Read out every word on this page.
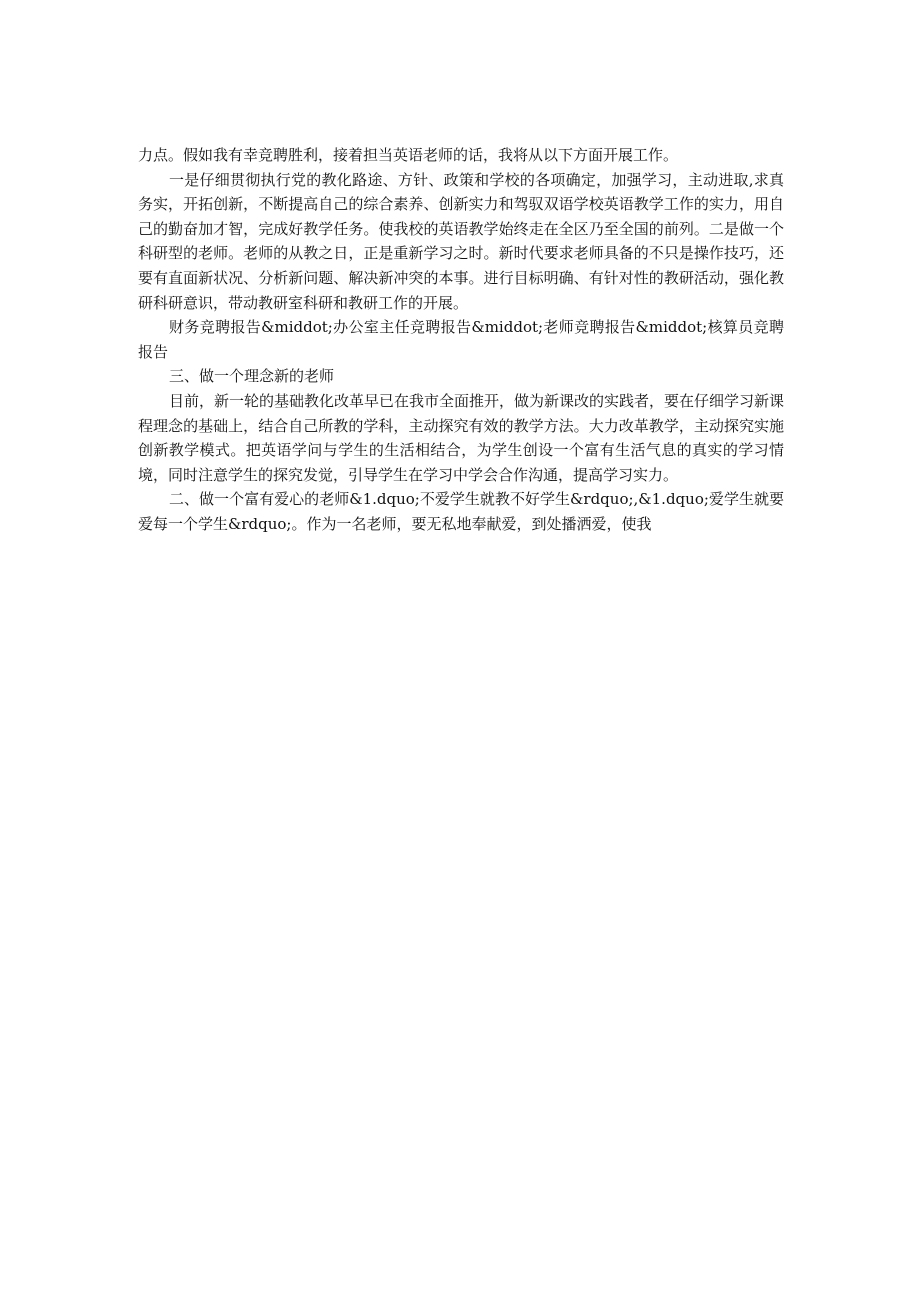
力点。假如我有幸竞聘胜利，接着担当英语老师的话，我将从以下方面开展工作。

一是仔细贯彻执行党的教化路途、方针、政策和学校的各项确定，加强学习，主动进取,求真务实，开拓创新，不断提高自己的综合素养、创新实力和驾驭双语学校英语教学工作的实力，用自己的勤奋加才智，完成好教学任务。使我校的英语教学始终走在全区乃至全国的前列。二是做一个科研型的老师。老师的从教之日，正是重新学习之时。新时代要求老师具备的不只是操作技巧，还要有直面新状况、分析新问题、解决新冲突的本事。进行目标明确、有针对性的教研活动，强化教研科研意识，带动教研室科研和教研工作的开展。

财务竞聘报告&middot;办公室主任竞聘报告&middot;老师竞聘报告&middot;核算员竞聘报告

三、做一个理念新的老师

目前，新一轮的基础教化改革早已在我市全面推开，做为新课改的实践者，要在仔细学习新课程理念的基础上，结合自己所教的学科，主动探究有效的教学方法。大力改革教学，主动探究实施创新教学模式。把英语学问与学生的生活相结合，为学生创设一个富有生活气息的真实的学习情境，同时注意学生的探究发觉，引导学生在学习中学会合作沟通，提高学习实力。

二、做一个富有爱心的老师&1.dquo;不爱学生就教不好学生&rdquo;,&1.dquo;爱学生就要爱每一个学生&rdquo;。作为一名老师，要无私地奉献爱，到处播洒爱，使我
